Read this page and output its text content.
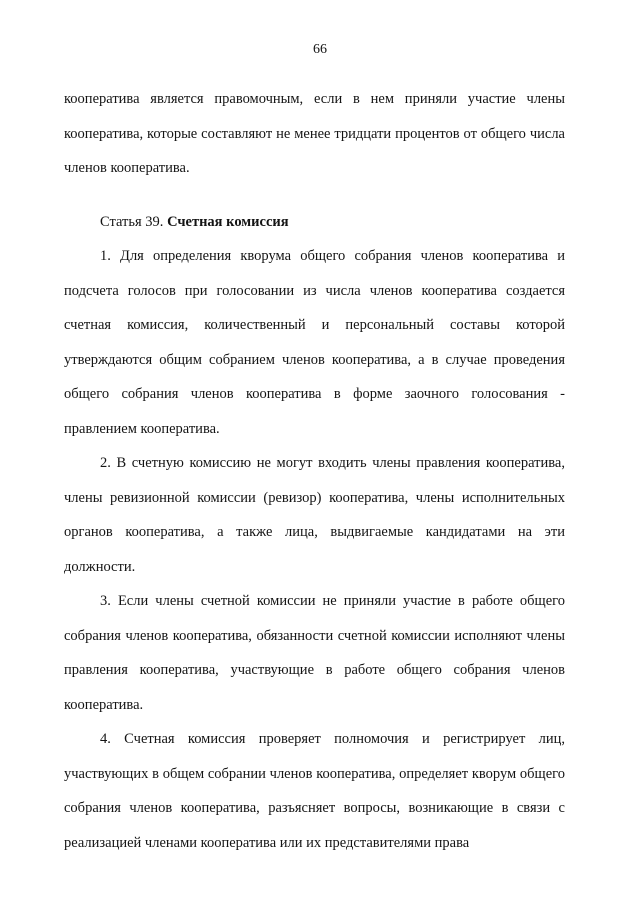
66

кооператива является правомочным, если в нем приняли участие члены кооператива, которые составляют не менее тридцати процентов от общего числа членов кооператива.

Статья 39. Счетная комиссия

1. Для определения кворума общего собрания членов кооператива и подсчета голосов при голосовании из числа членов кооператива создается счетная комиссия, количественный и персональный составы которой утверждаются общим собранием членов кооператива, а в случае проведения общего собрания членов кооператива в форме заочного голосования - правлением кооператива.

2. В счетную комиссию не могут входить члены правления кооператива, члены ревизионной комиссии (ревизор) кооператива, члены исполнительных органов кооператива, а также лица, выдвигаемые кандидатами на эти должности.

3. Если члены счетной комиссии не приняли участие в работе общего собрания членов кооператива, обязанности счетной комиссии исполняют члены правления кооператива, участвующие в работе общего собрания членов кооператива.

4. Счетная комиссия проверяет полномочия и регистрирует лиц, участвующих в общем собрании членов кооператива, определяет кворум общего собрания членов кооператива, разъясняет вопросы, возникающие в связи с реализацией членами кооператива или их представителями права
